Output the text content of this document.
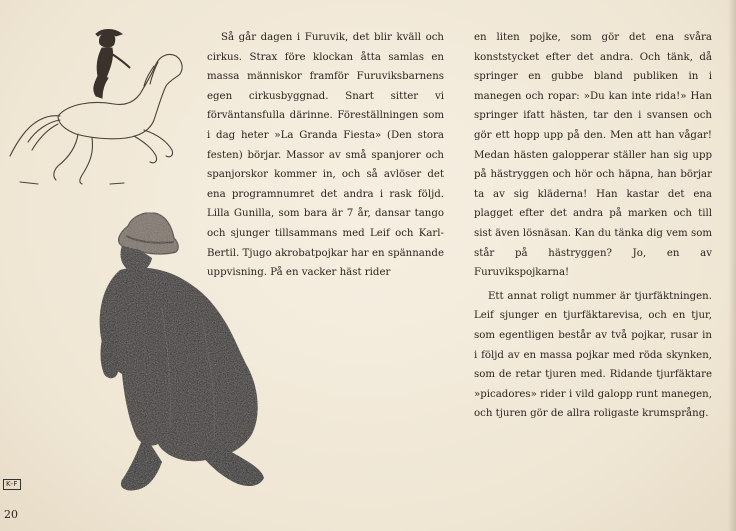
Så går dagen i Furuvik, det blir kväll och cirkus. Strax före klockan åtta samlas en massa människor framför Furuviksbarnens egen cirkusbyggnad. Snart sitter vi förväntansfulla därinne. Föreställningen som i dag heter »La Granda Fiesta» (Den stora festen) börjar. Massor av små spanjorer och spanjorskor kommer in, och så avlöser det ena programnumret det andra i rask följd. Lilla Gunilla, som bara är 7 år, dansar tango och sjunger tillsammans med Leif och Karl-Bertil. Tjugo akrobatpojkar har en spännande uppvisning. På en vacker häst rider

en liten pojke, som gör det ena svåra konststycket efter det andra. Och tänk, då springer en gubbe bland publiken in i manegen och ropar: »Du kan inte rida!» Han springer ifatt hästen, tar den i svansen och gör ett hopp upp på den. Men att han vågar! Medan hästen galopperar ställer han sig upp på hästryggen och hör och häpna, han börjar ta av sig kläderna! Han kastar det ena plagget efter det andra på marken och till sist även lösnäsan. Kan du tänka dig vem som står på hästryggen? Jo, en av Furuvikspojkarna!

Ett annat roligt nummer är tjurfäktningen. Leif sjunger en tjurfäktarevisa, och en tjur, som egentligen består av två pojkar, rusar in i följd av en massa pojkar med röda skynken, som de retar tjuren med. Ridande tjurfäktare »picadores» rider i vild galopp runt manegen, och tjuren gör de allra roligaste krumsprång.

K-F
20
